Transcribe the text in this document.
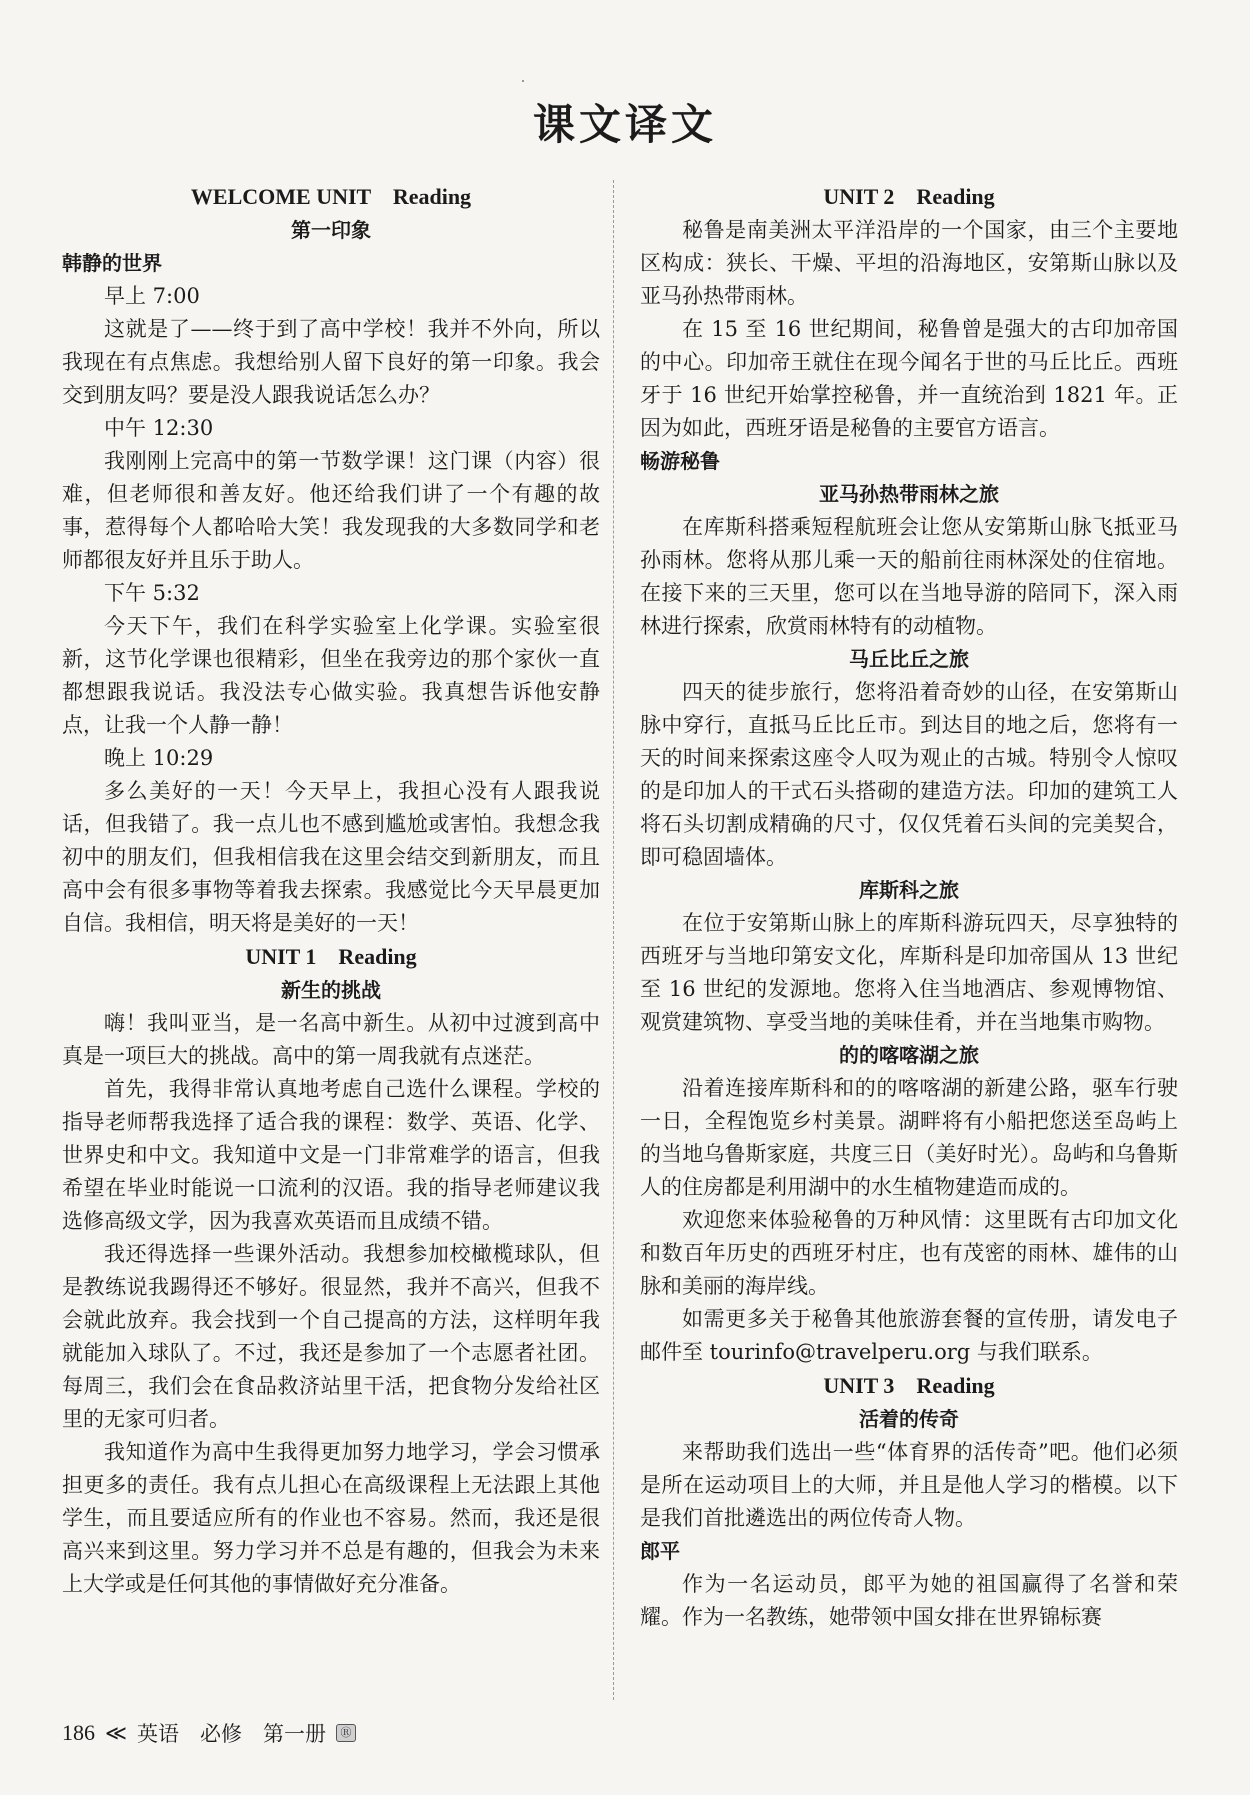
课文译文
WELCOME UNIT　Reading
第一印象
韩静的世界

早上 7:00

这就是了——终于到了高中学校！我并不外向，所以我现在有点焦虑。我想给别人留下良好的第一印象。我会交到朋友吗？要是没人跟我说话怎么办？

中午 12:30

我刚刚上完高中的第一节数学课！这门课（内容）很难，但老师很和善友好。他还给我们讲了一个有趣的故事，惹得每个人都哈哈大笑！我发现我的大多数同学和老师都很友好并且乐于助人。

下午 5:32

今天下午，我们在科学实验室上化学课。实验室很新，这节化学课也很精彩，但坐在我旁边的那个家伙一直都想跟我说话。我没法专心做实验。我真想告诉他安静点，让我一个人静一静！

晚上 10:29

多么美好的一天！今天早上，我担心没有人跟我说话，但我错了。我一点儿也不感到尴尬或害怕。我想念我初中的朋友们，但我相信我在这里会结交到新朋友，而且高中会有很多事物等着我去探索。我感觉比今天早晨更加自信。我相信，明天将是美好的一天！

UNIT 1　Reading
新生的挑战

嗨！我叫亚当，是一名高中新生。从初中过渡到高中真是一项巨大的挑战。高中的第一周我就有点迷茫。

首先，我得非常认真地考虑自己选什么课程。学校的指导老师帮我选择了适合我的课程：数学、英语、化学、世界史和中文。我知道中文是一门非常难学的语言，但我希望在毕业时能说一口流利的汉语。我的指导老师建议我选修高级文学，因为我喜欢英语而且成绩不错。

我还得选择一些课外活动。我想参加校橄榄球队，但是教练说我踢得还不够好。很显然，我并不高兴，但我不会就此放弃。我会找到一个自己提高的方法，这样明年我就能加入球队了。不过，我还是参加了一个志愿者社团。每周三，我们会在食品救济站里干活，把食物分发给社区里的无家可归者。

我知道作为高中生我得更加努力地学习，学会习惯承担更多的责任。我有点儿担心在高级课程上无法跟上其他学生，而且要适应所有的作业也不容易。然而，我还是很高兴来到这里。努力学习并不总是有趣的，但我会为未来上大学或是任何其他的事情做好充分准备。

UNIT 2　Reading

秘鲁是南美洲太平洋沿岸的一个国家，由三个主要地区构成：狭长、干燥、平坦的沿海地区，安第斯山脉以及亚马孙热带雨林。

在 15 至 16 世纪期间，秘鲁曾是强大的古印加帝国的中心。印加帝王就住在现今闻名于世的马丘比丘。西班牙于 16 世纪开始掌控秘鲁，并一直统治到 1821 年。正因为如此，西班牙语是秘鲁的主要官方语言。

畅游秘鲁
亚马孙热带雨林之旅

在库斯科搭乘短程航班会让您从安第斯山脉飞抵亚马孙雨林。您将从那儿乘一天的船前往雨林深处的住宿地。在接下来的三天里，您可以在当地导游的陪同下，深入雨林进行探索，欣赏雨林特有的动植物。

马丘比丘之旅

四天的徒步旅行，您将沿着奇妙的山径，在安第斯山脉中穿行，直抵马丘比丘市。到达目的地之后，您将有一天的时间来探索这座令人叹为观止的古城。特别令人惊叹的是印加人的干式石头搭砌的建造方法。印加的建筑工人将石头切割成精确的尺寸，仅仅凭着石头间的完美契合，即可稳固墙体。

库斯科之旅

在位于安第斯山脉上的库斯科游玩四天，尽享独特的西班牙与当地印第安文化，库斯科是印加帝国从 13 世纪至 16 世纪的发源地。您将入住当地酒店、参观博物馆、观赏建筑物、享受当地的美味佳肴，并在当地集市购物。

的的喀喀湖之旅

沿着连接库斯科和的的喀喀湖的新建公路，驱车行驶一日，全程饱览乡村美景。湖畔将有小船把您送至岛屿上的当地乌鲁斯家庭，共度三日（美好时光）。岛屿和乌鲁斯人的住房都是利用湖中的水生植物建造而成的。

欢迎您来体验秘鲁的万种风情：这里既有古印加文化和数百年历史的西班牙村庄，也有茂密的雨林、雄伟的山脉和美丽的海岸线。

如需更多关于秘鲁其他旅游套餐的宣传册，请发电子邮件至 tourinfo@travelperu.org 与我们联系。

UNIT 3　Reading
活着的传奇

来帮助我们选出一些“体育界的活传奇”吧。他们必须是所在运动项目上的大师，并且是他人学习的楷模。以下是我们首批遴选出的两位传奇人物。

郎平

作为一名运动员，郎平为她的祖国赢得了名誉和荣耀。作为一名教练，她带领中国女排在世界锦标赛

186 ≪ 英语　必修　第一册	Ⓡ
